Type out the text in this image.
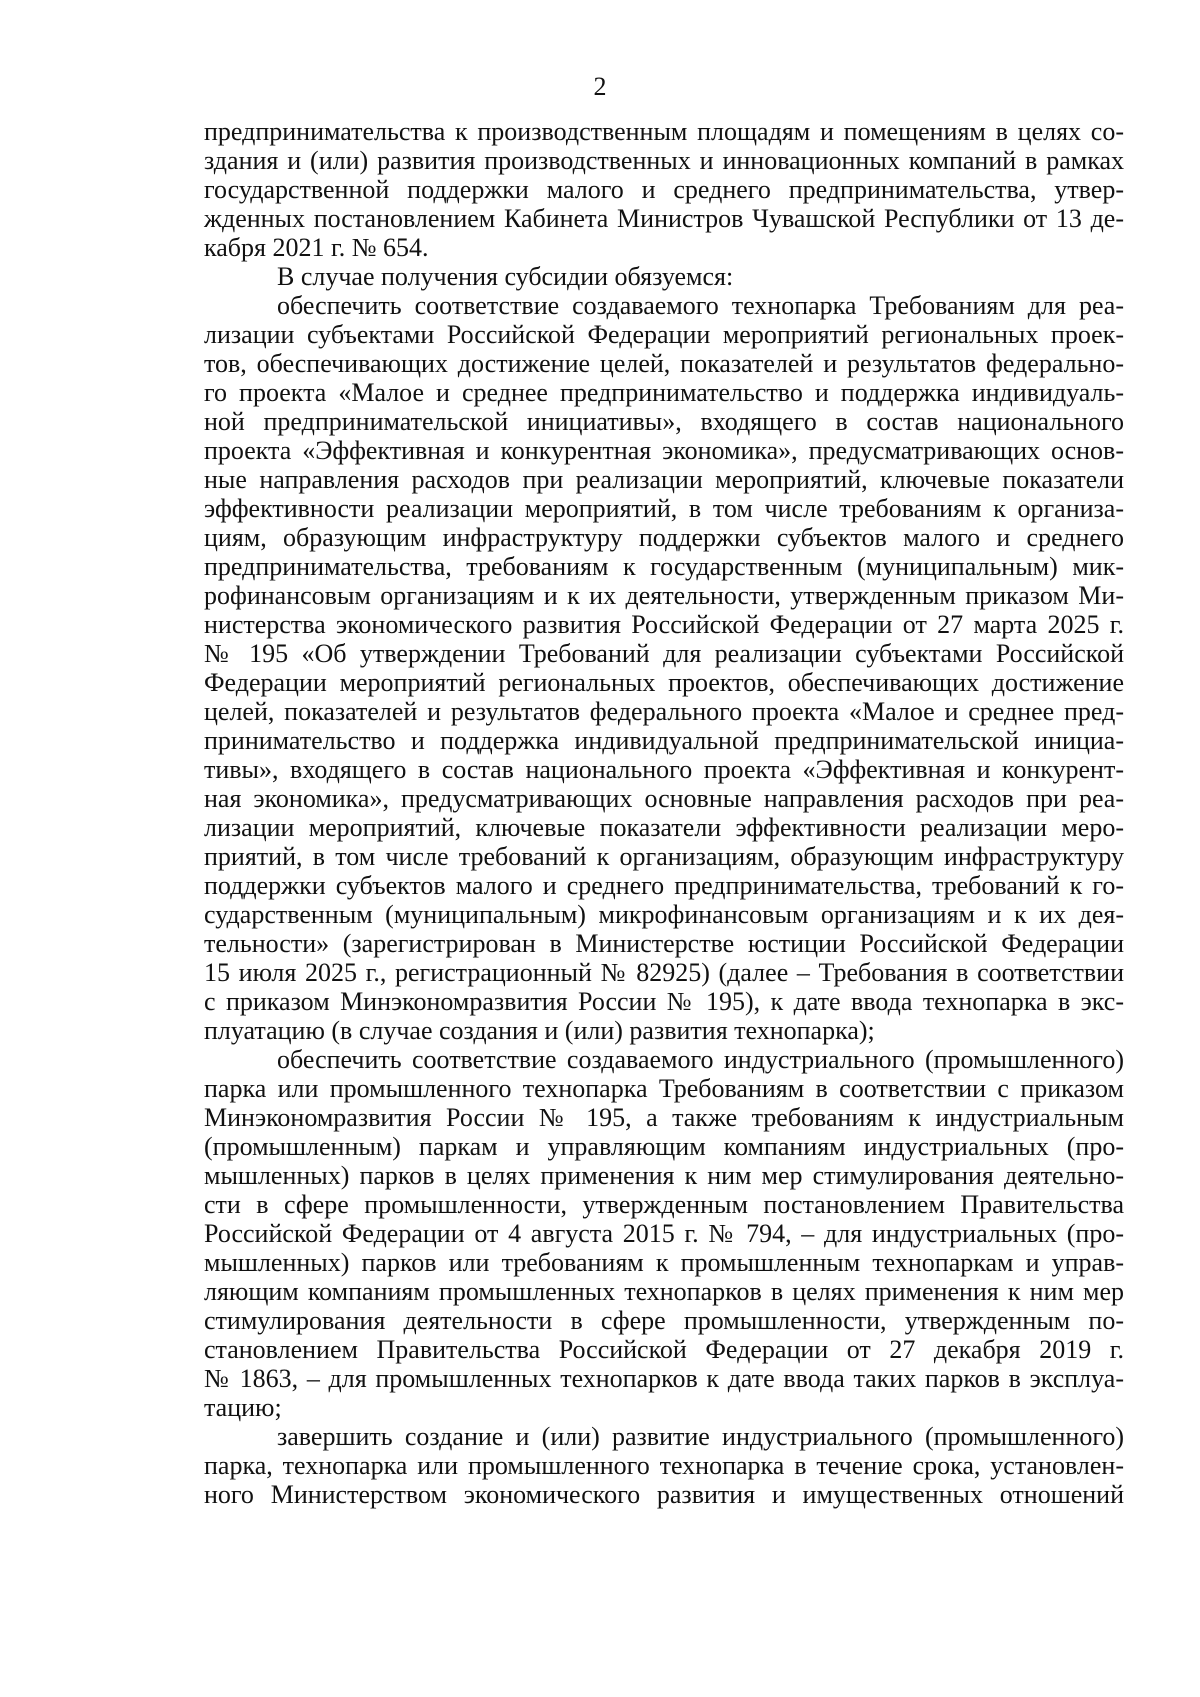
2
предпринимательства к производственным площадям и помещениям в целях со-
здания и (или) развития производственных и инновационных компаний в рамках
государственной поддержки малого и среднего предпринимательства, утвер-
жденных постановлением Кабинета Министров Чувашской Республики от 13 де-
кабря 2021 г. № 654.
В случае получения субсидии обязуемся:
обеспечить соответствие создаваемого технопарка Требованиям для реа-
лизации субъектами Российской Федерации мероприятий региональных проек-
тов, обеспечивающих достижение целей, показателей и результатов федерально-
го проекта «Малое и среднее предпринимательство и поддержка индивидуаль-
ной предпринимательской инициативы», входящего в состав национального
проекта «Эффективная и конкурентная экономика», предусматривающих основ-
ные направления расходов при реализации мероприятий, ключевые показатели
эффективности реализации мероприятий, в том числе требованиям к организа-
циям, образующим инфраструктуру поддержки субъектов малого и среднего
предпринимательства, требованиям к государственным (муниципальным) мик-
рофинансовым организациям и к их деятельности, утвержденным приказом Ми-
нистерства экономического развития Российской Федерации от 27 марта 2025 г.
№ 195 «Об утверждении Требований для реализации субъектами Российской
Федерации мероприятий региональных проектов, обеспечивающих достижение
целей, показателей и результатов федерального проекта «Малое и среднее пред-
принимательство и поддержка индивидуальной предпринимательской инициа-
тивы», входящего в состав национального проекта «Эффективная и конкурент-
ная экономика», предусматривающих основные направления расходов при реа-
лизации мероприятий, ключевые показатели эффективности реализации меро-
приятий, в том числе требований к организациям, образующим инфраструктуру
поддержки субъектов малого и среднего предпринимательства, требований к го-
сударственным (муниципальным) микрофинансовым организациям и к их дея-
тельности» (зарегистрирован в Министерстве юстиции Российской Федерации
15 июля 2025 г., регистрационный № 82925) (далее – Требования в соответствии
с приказом Минэкономразвития России № 195), к дате ввода технопарка в экс-
плуатацию (в случае создания и (или) развития технопарка);
обеспечить соответствие создаваемого индустриального (промышленного)
парка или промышленного технопарка Требованиям в соответствии с приказом
Минэкономразвития России № 195, а также требованиям к индустриальным
(промышленным) паркам и управляющим компаниям индустриальных (про-
мышленных) парков в целях применения к ним мер стимулирования деятельно-
сти в сфере промышленности, утвержденным постановлением Правительства
Российской Федерации от 4 августа 2015 г. № 794, – для индустриальных (про-
мышленных) парков или требованиям к промышленным технопаркам и управ-
ляющим компаниям промышленных технопарков в целях применения к ним мер
стимулирования деятельности в сфере промышленности, утвержденным по-
становлением Правительства Российской Федерации от 27 декабря 2019 г.
№ 1863, – для промышленных технопарков к дате ввода таких парков в эксплуа-
тацию;
завершить создание и (или) развитие индустриального (промышленного)
парка, технопарка или промышленного технопарка в течение срока, установлен-
ного Министерством экономического развития и имущественных отношений
